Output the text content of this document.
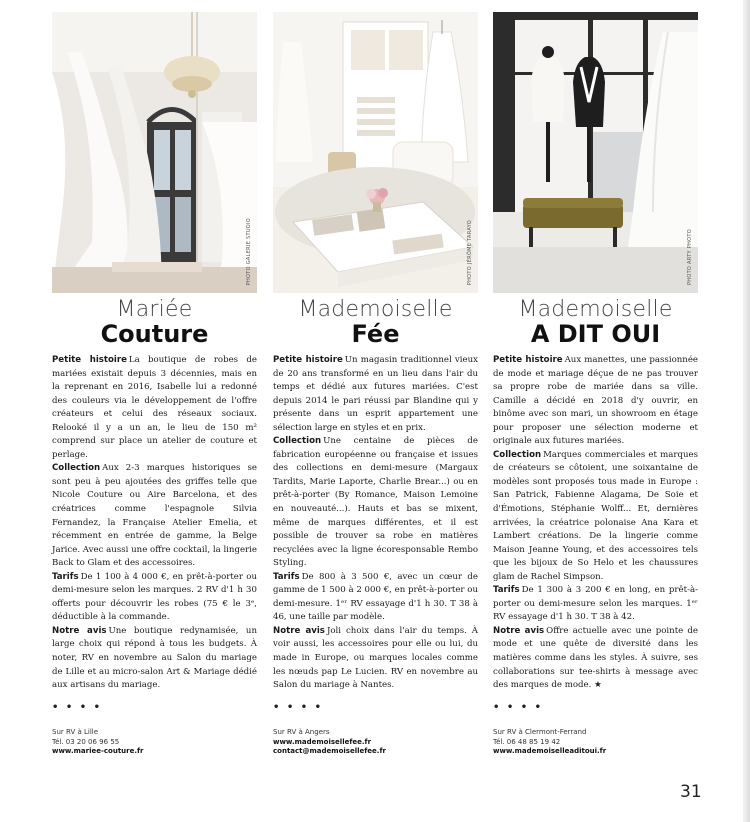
PHOTO GALERIE STUDIO
Mariée
Couture

Petite histoire La boutique de robes de mariées existait depuis 3 décennies, mais en la reprenant en 2016, Isabelle lui a redonné des couleurs via le développement de l'offre créateurs et celui des réseaux sociaux. Relooké il y a un an, le lieu de 150 m² comprend sur place un atelier de couture et perlage.

Collection Aux 2-3 marques historiques se sont peu à peu ajoutées des griffes telle que Nicole Couture ou Aire Barcelona, et des créatrices comme l'espagnole Silvia Fernandez, la Française Atelier Emelia, et récemment en entrée de gamme, la Belge Jarice. Avec aussi une offre cocktail, la lingerie Back to Glam et des accessoires.

Tarifs De 1 100 à 4 000 €, en prêt-à-porter ou demi-mesure selon les marques. 2 RV d'1 h 30 offerts pour découvrir les robes (75 € le 3ᵉ, déductible à la commande.

Notre avis Une boutique redynamisée, un large choix qui répond à tous les budgets. À noter, RV en novembre au Salon du mariage de Lille et au micro-salon Art & Mariage dédié aux artisans du mariage.

• • • •
Sur RV à Lille
Tél. 03 20 06 96 55
www.mariee-couture.fr
PHOTO JÉRÔME TARAYO
Mademoiselle
Fée

Petite histoire Un magasin traditionnel vieux de 20 ans transformé en un lieu dans l'air du temps et dédié aux futures mariées. C'est depuis 2014 le pari réussi par Blandine qui y présente dans un esprit appartement une sélection large en styles et en prix.

Collection Une centaine de pièces de fabrication européenne ou française et issues des collections en demi-mesure (Margaux Tardits, Marie Laporte, Charlie Brear...) ou en prêt-à-porter (By Romance, Maison Lemoine en nouveauté...). Hauts et bas se mixent, même de marques différentes, et il est possible de trouver sa robe en matières recyclées avec la ligne écoresponsable Rembo Styling.

Tarifs De 800 à 3 500 €, avec un cœur de gamme de 1 500 à 2 000 €, en prêt-à-porter ou demi-mesure. 1ᵉʳ RV essayage d'1 h 30. T 38 à 46, une taille par modèle.

Notre avis Joli choix dans l'air du temps. À voir aussi, les accessoires pour elle ou lui, du made in Europe, ou marques locales comme les nœuds pap Le Lucien. RV en novembre au Salon du mariage à Nantes.

• • • •
Sur RV à Angers
www.mademoisellefee.fr
contact@mademoisellefee.fr
PHOTO ARTY PHOTO
Mademoiselle
A DIT OUI

Petite histoire Aux manettes, une passionnée de mode et mariage déçue de ne pas trouver sa propre robe de mariée dans sa ville. Camille a décidé en 2018 d'y ouvrir, en binôme avec son mari, un showroom en étage pour proposer une sélection moderne et originale aux futures mariées.

Collection Marques commerciales et marques de créateurs se côtoient, une soixantaine de modèles sont proposés tous made in Europe : San Patrick, Fabienne Alagama, De Soie et d'Émotions, Stéphanie Wolff... Et, dernières arrivées, la créatrice polonaise Ana Kara et Lambert créations. De la lingerie comme Maison Jeanne Young, et des accessoires tels que les bijoux de So Helo et les chaussures glam de Rachel Simpson.

Tarifs De 1 300 à 3 200 € en long, en prêt-à-porter ou demi-mesure selon les marques. 1ᵉʳ RV essayage d'1 h 30. T 38 à 42.

Notre avis Offre actuelle avec une pointe de mode et une quête de diversité dans les matières comme dans les styles. À suivre, ses collaborations sur tee-shirts à message avec des marques de mode. ★

• • • •
Sur RV à Clermont-Ferrand
Tél. 06 48 85 19 42
www.mademoiselleaditoui.fr
31
